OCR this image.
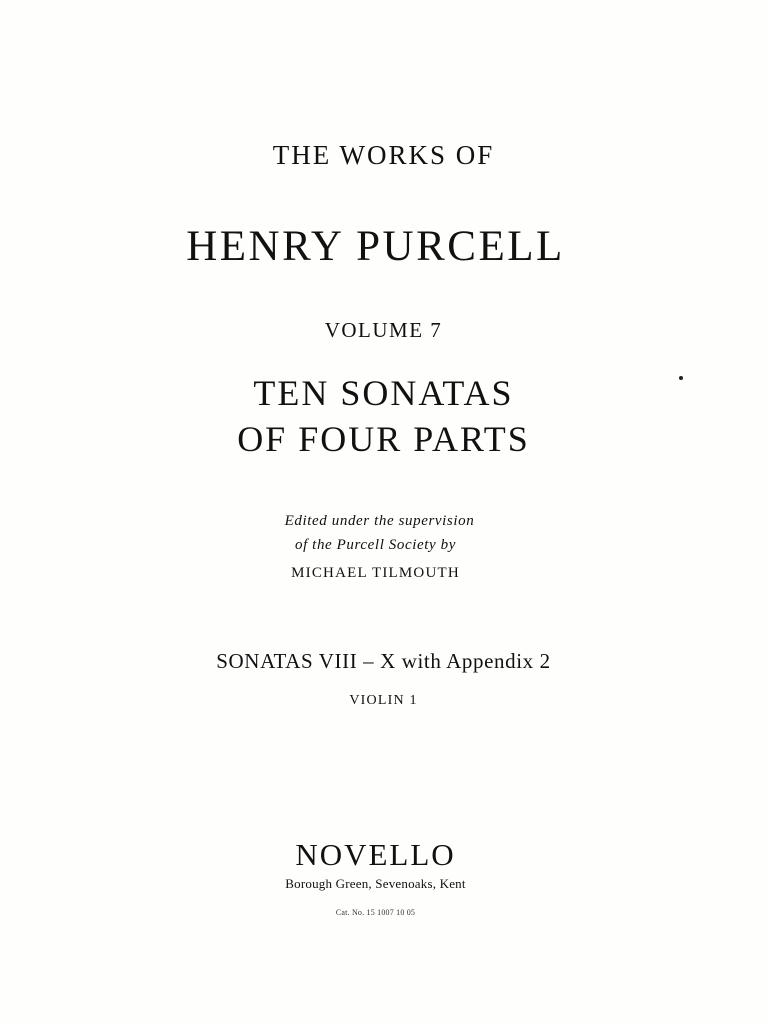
THE WORKS OF

HENRY PURCELL

VOLUME 7

TEN SONATAS

OF FOUR PARTS

Edited under the supervision

of the Purcell Society by

MICHAEL TILMOUTH

SONATAS VIII – X with Appendix 2

VIOLIN 1

NOVELLO

Borough Green, Sevenoaks, Kent

Cat. No. 15 1007 10 05
